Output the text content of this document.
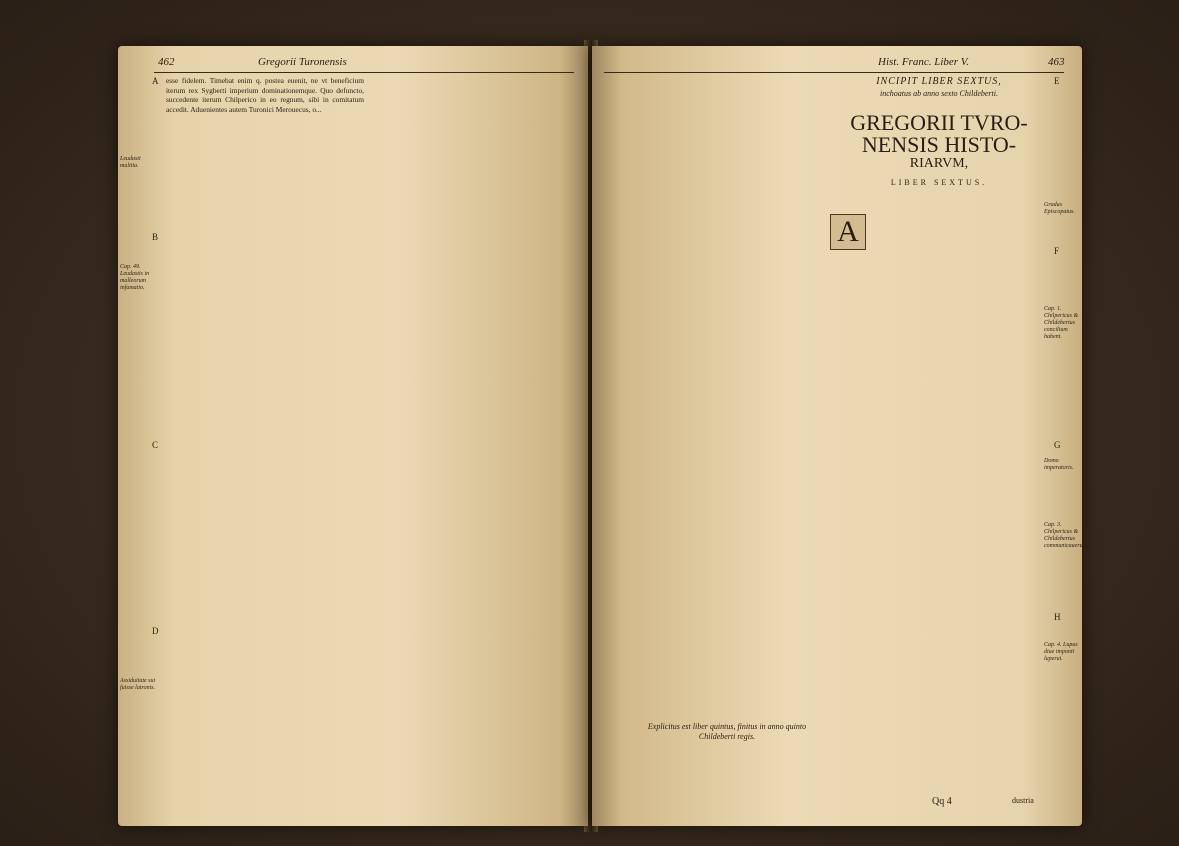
462	Gregorii Turonensis
A
B
C
D
Leudasti malitia.
Cap. 49. Leudastis in malleorum infamatio.
Assiduitate sui fuisse latronis.

esse fidelem. Timebat enim q. postea euenit, ne vt beneficium iterum rex Sygberti imperium dominationemque. Quo defuncto, succedente iterum Chilperico in eo regnum, sibi in comitatum accedit. Aduenientes autem Turonici Merouecus, o...

Hist. Franc. Liber V.	463
INCIPIT LIBER SEXTUS,
inchoatus ab anno sexto Childeberti.
GREGORII TVRO-
NENSIS HISTO-
RIARVM,
LIBER SEXTUS.
A
Explicitus est liber quintus, finitus in anno quinto Childeberti regis.
Qq 4	dustria
E
F
G
H
Gradus Episcopatus.
Cap. 1. Chilpericus & Childebertus concilium habent.
Domo imperatoris.
Cap. 3. Chilpericus & Childebertus communicauerunt.
Cap. 4. Lupus diue imponit luperui.
